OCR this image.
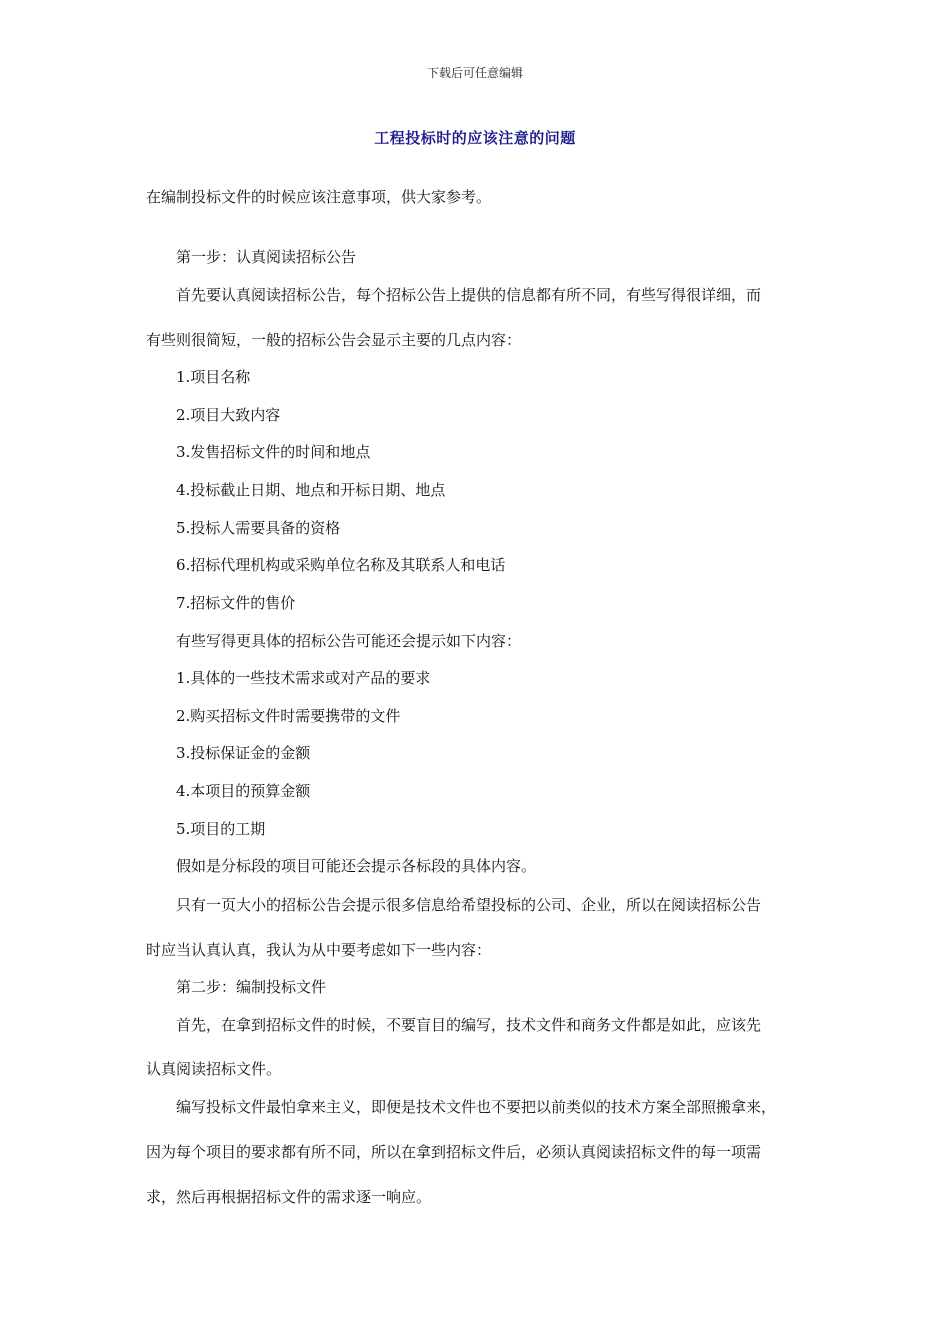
下载后可任意编辑
工程投标时的应该注意的问题
在编制投标文件的时候应该注意事项，供大家参考。
第一步：认真阅读招标公告
首先要认真阅读招标公告，每个招标公告上提供的信息都有所不同，有些写得很详细，而
有些则很简短，一般的招标公告会显示主要的几点内容：
1.项目名称
2.项目大致内容
3.发售招标文件的时间和地点
4.投标截止日期、地点和开标日期、地点
5.投标人需要具备的资格
6.招标代理机构或采购单位名称及其联系人和电话
7.招标文件的售价
有些写得更具体的招标公告可能还会提示如下内容：
1.具体的一些技术需求或对产品的要求
2.购买招标文件时需要携带的文件
3.投标保证金的金额
4.本项目的预算金额
5.项目的工期
假如是分标段的项目可能还会提示各标段的具体内容。
只有一页大小的招标公告会提示很多信息给希望投标的公司、企业，所以在阅读招标公告
时应当认真认真，我认为从中要考虑如下一些内容：
第二步：编制投标文件
首先，在拿到招标文件的时候，不要盲目的编写，技术文件和商务文件都是如此，应该先
认真阅读招标文件。
编写投标文件最怕拿来主义，即便是技术文件也不要把以前类似的技术方案全部照搬拿来，
因为每个项目的要求都有所不同，所以在拿到招标文件后，必须认真阅读招标文件的每一项需
求，然后再根据招标文件的需求逐一响应。
